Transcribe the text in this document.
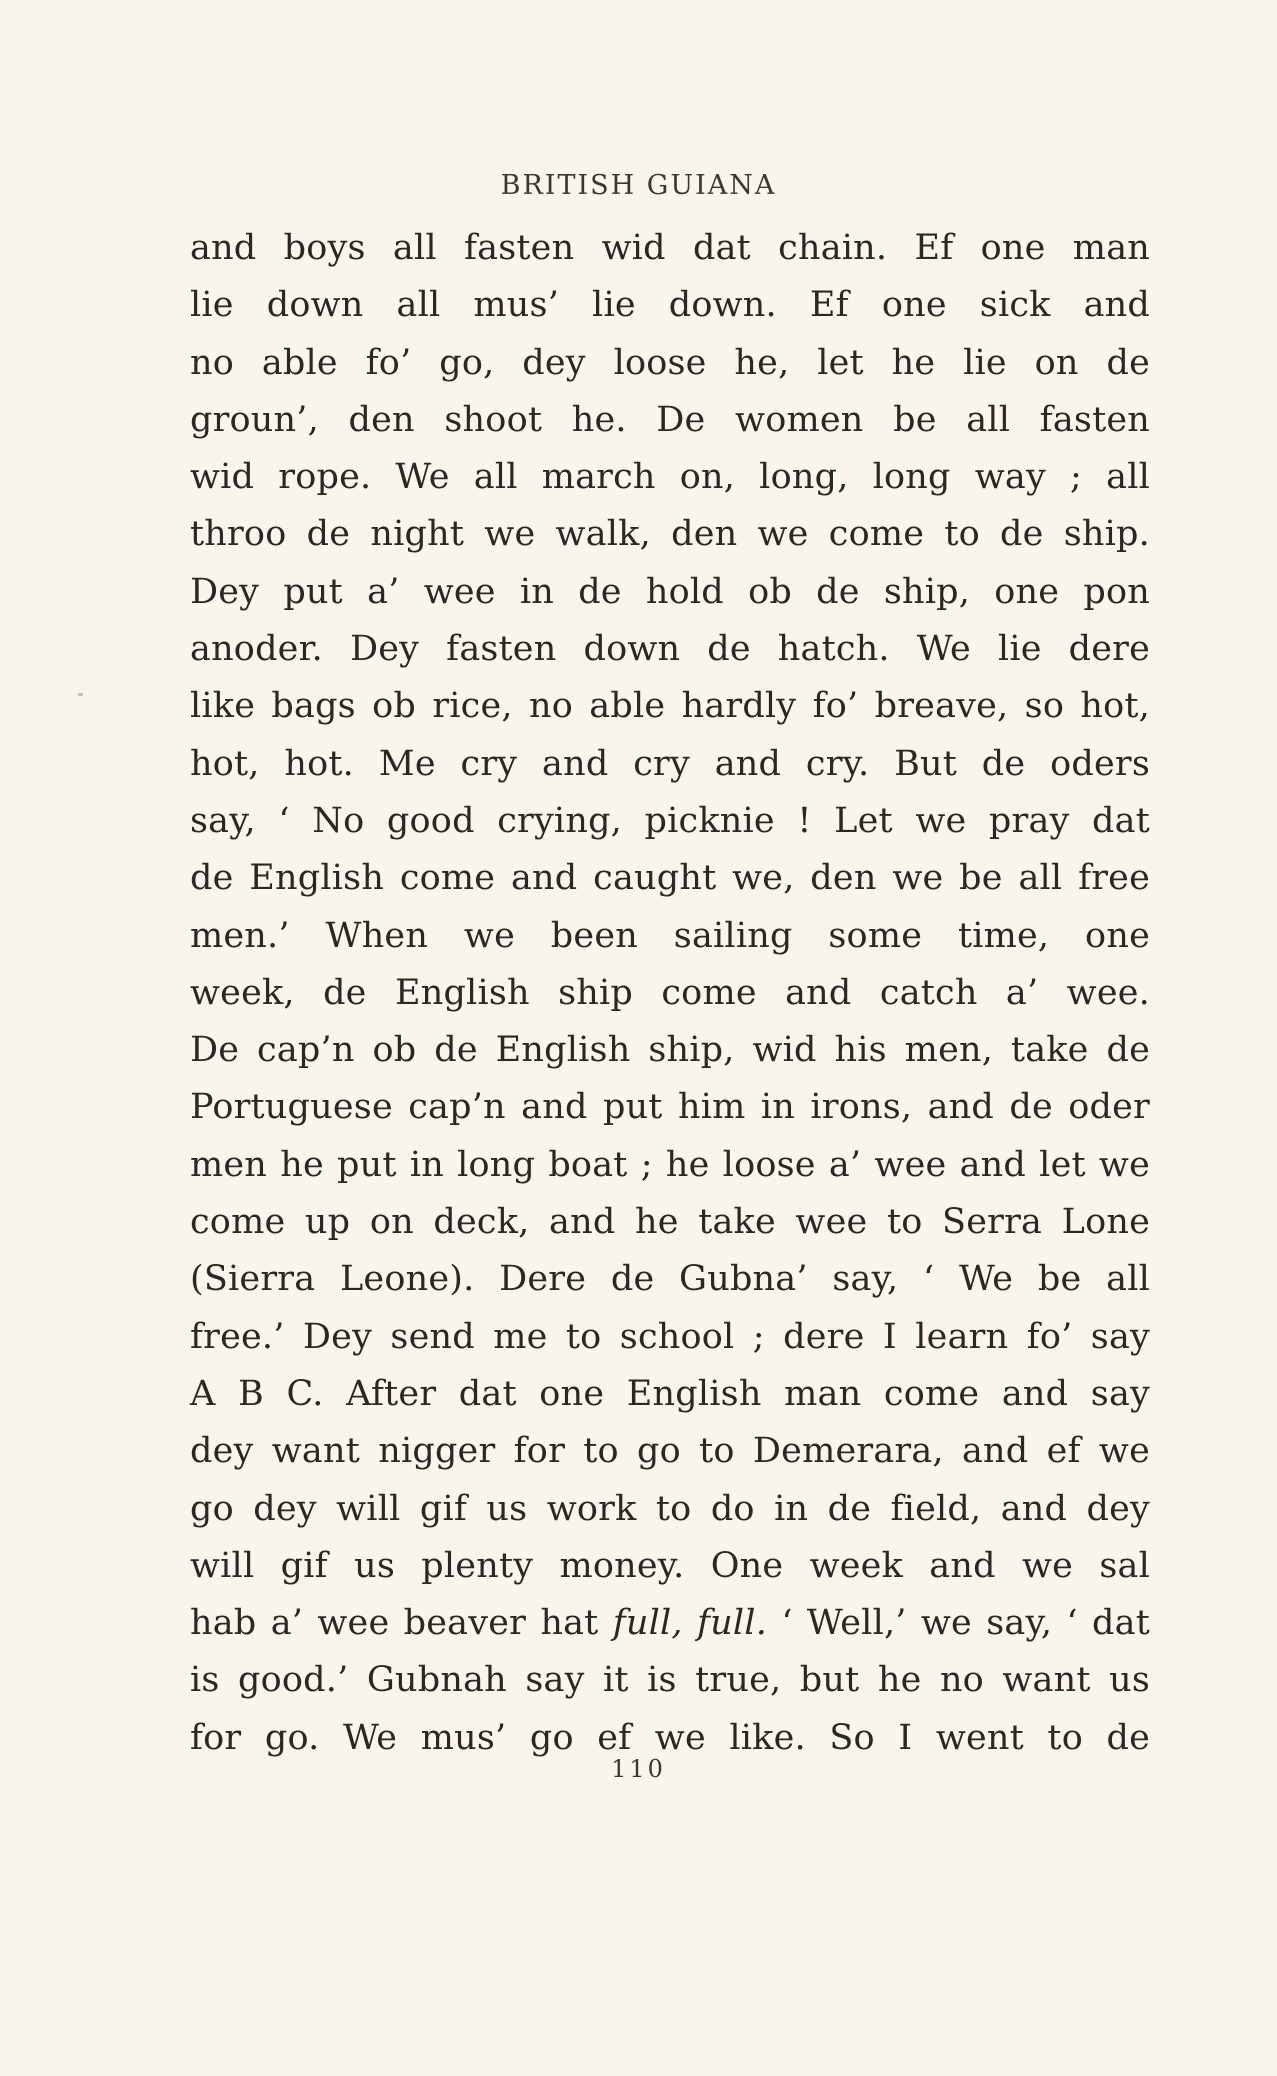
BRITISH GUIANA
and boys all fasten wid dat chain. Ef one man
lie down all mus’ lie down. Ef one sick and
no able fo’ go, dey loose he, let he lie on de
groun’, den shoot he. De women be all fasten
wid rope. We all march on, long, long way ; all
throo de night we walk, den we come to de ship.
Dey put a’ wee in de hold ob de ship, one pon
anoder. Dey fasten down de hatch. We lie dere
like bags ob rice, no able hardly fo’ breave, so hot,
hot, hot. Me cry and cry and cry. But de oders
say, ‘ No good crying, picknie ! Let we pray dat
de English come and caught we, den we be all free
men.’ When we been sailing some time, one
week, de English ship come and catch a’ wee.
De cap’n ob de English ship, wid his men, take de
Portuguese cap’n and put him in irons, and de oder
men he put in long boat ; he loose a’ wee and let we
come up on deck, and he take wee to Serra Lone
(Sierra Leone). Dere de Gubna’ say, ‘ We be all
free.’ Dey send me to school ; dere I learn fo’ say
A B C. After dat one English man come and say
dey want nigger for to go to Demerara, and ef we
go dey will gif us work to do in de field, and dey
will gif us plenty money. One week and we sal
hab a’ wee beaver hat full, full. ‘ Well,’ we say, ‘ dat
is good.’ Gubnah say it is true, but he no want us
for go. We mus’ go ef we like. So I went to de
110
